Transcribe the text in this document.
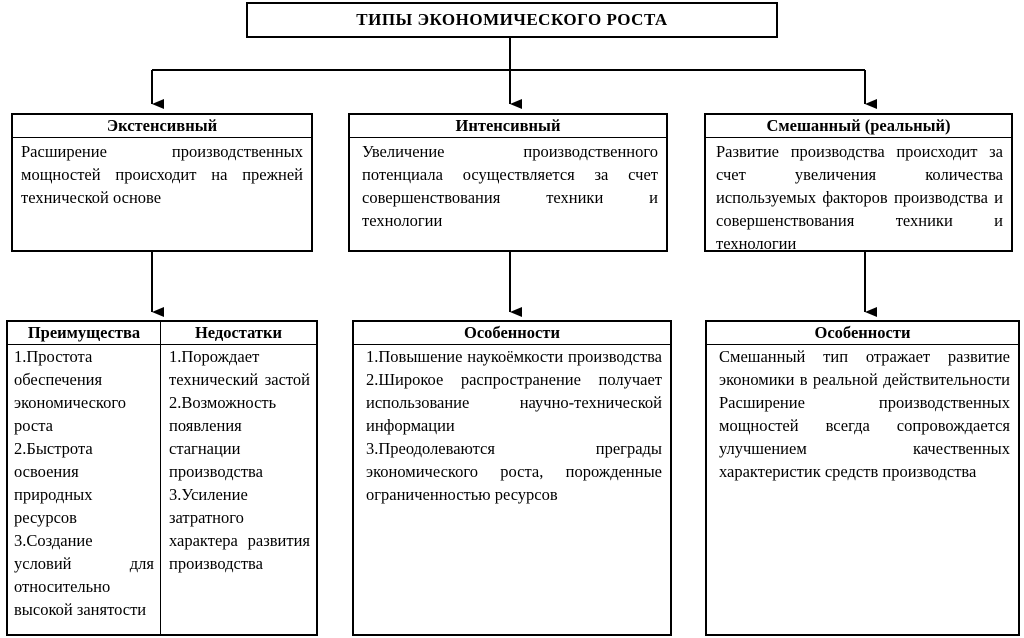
ТИПЫ ЭКОНОМИЧЕСКОГО РОСТА
Экстенсивный
Расширение производственных мощностей происходит на прежней технической основе
Интенсивный
Увеличение производственного потенциала осуществляется за счет совершенствования техники и технологии
Смешанный (реальный)
Развитие производства происходит за счет увеличения количества используемых факторов производства и совершенствования техники и технологии
Преимущества
1.Простота обеспечения экономического роста
2.Быстрота освоения природных ресурсов
3.Создание условий для относительно высокой занятости
Недостатки
1.Порождает технический застой
2.Возможность появления стагнации производства
3.Усиление затратного характера развития производства
Особенности
1.Повышение наукоёмкости производства
2.Широкое распространение получает использование научно-технической информации
3.Преодолеваются преграды экономического роста, порожденные ограниченностью ресурсов
Особенности
Смешанный тип отражает развитие экономики в реальной действительности
Расширение производственных мощностей всегда сопровождается улучшением качественных характеристик средств производства
